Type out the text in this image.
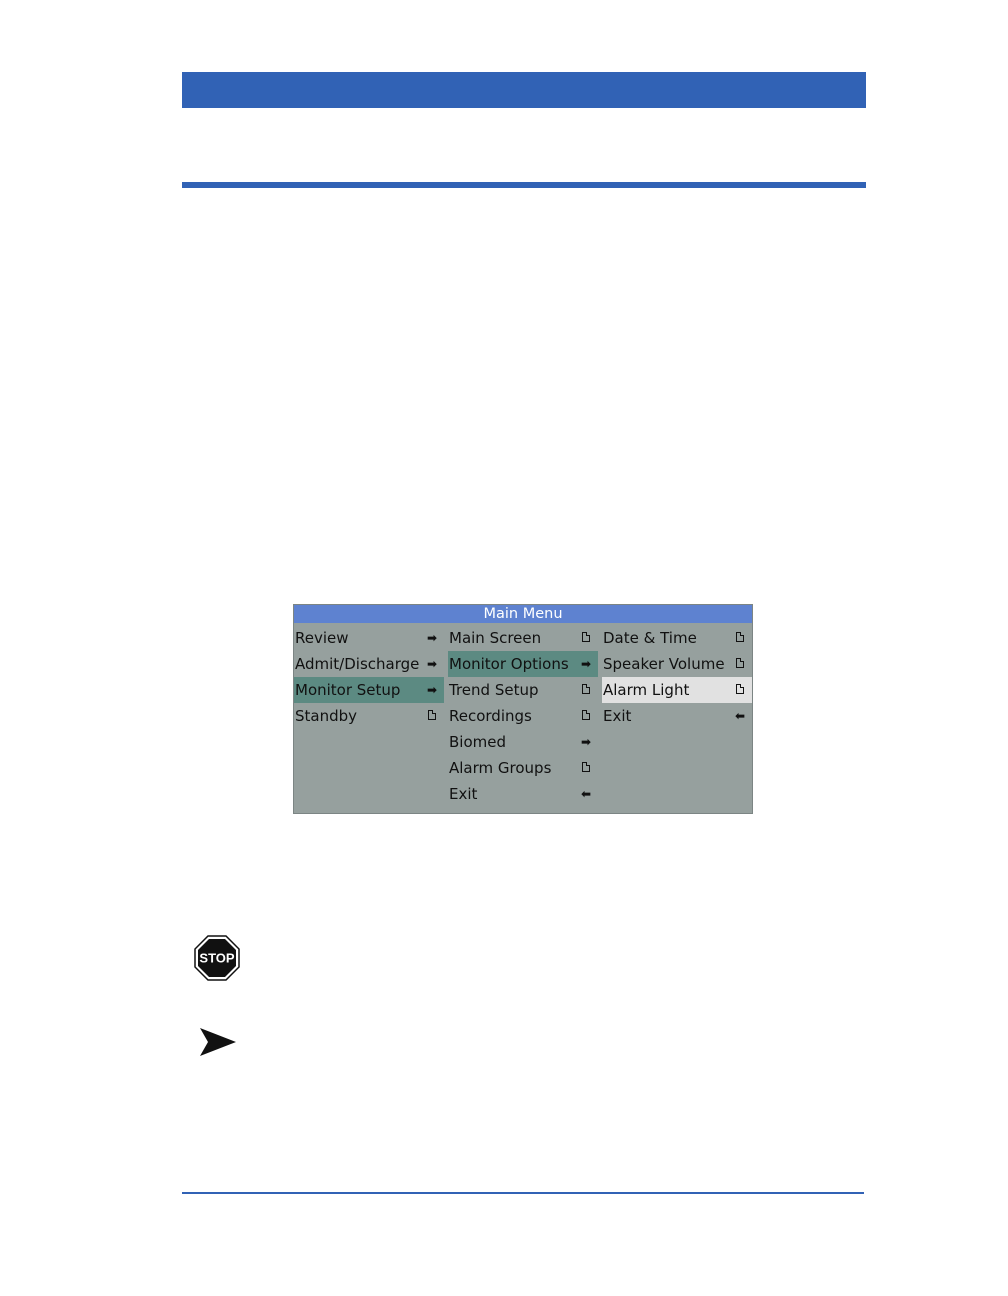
Main Menu
Review	➡
Admit/Discharge ➡
Monitor Setup ➡
Standby
Main Screen
Monitor Options ➡
Trend Setup
Recordings
Biomed	➡
Alarm Groups
Exit	⬅
Date & Time
Speaker Volume
Alarm Light
Exit	⬅
STOP
